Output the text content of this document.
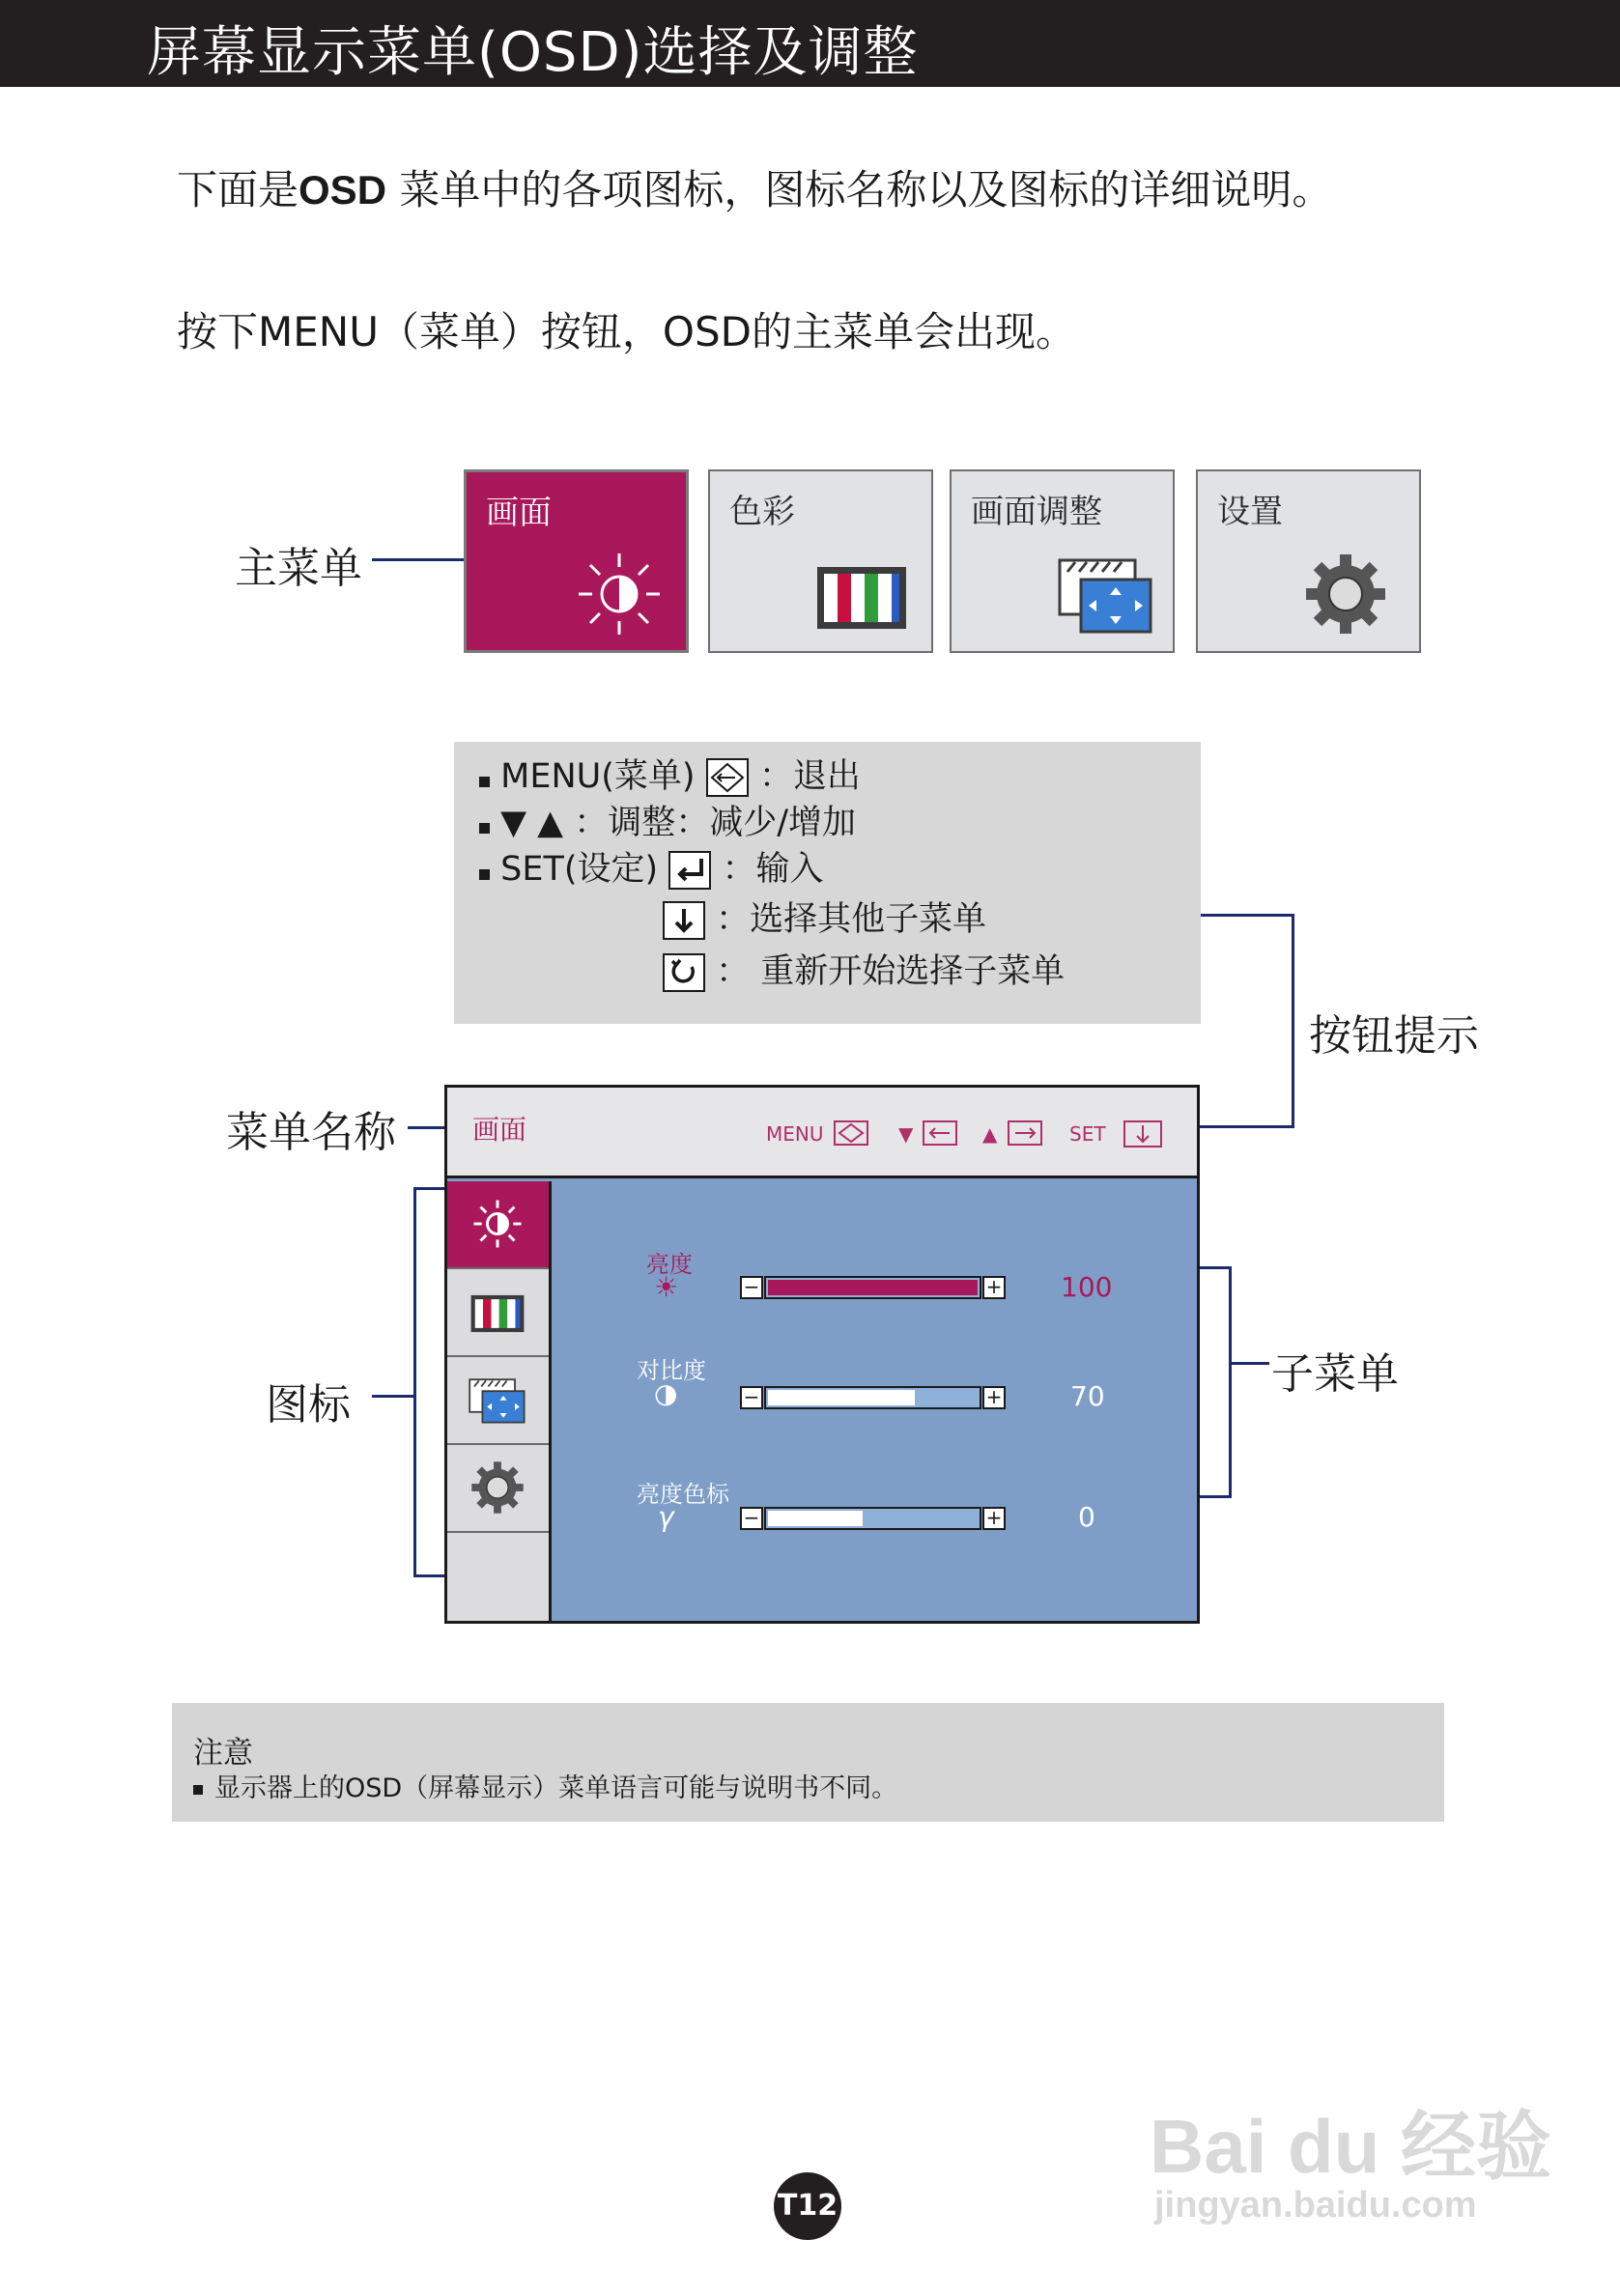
屏幕显示菜单(OSD)选择及调整
下面是OSD 菜单中的各项图标，图标名称以及图标的详细说明。
按下MENU（菜单）按钮，OSD的主菜单会出现。
主菜单
画面	色彩	画面调整	设置
MENU(菜单) ：退出
▼ ▲ ：调整：减少/增加
SET(设定) ：输入
：选择其他子菜单
： 重新开始选择子菜单
按钮提示
菜单名称
图标
子菜单
画面	MENU	▼	▲	SET
亮度
☀	−	+ 100
对比度
◑	−	+	70
亮度色标
γ	−	+	0
注意
显示器上的OSD（屏幕显示）菜单语言可能与说明书不同。
Bai du 经验
jingyan.baidu.com
T12
